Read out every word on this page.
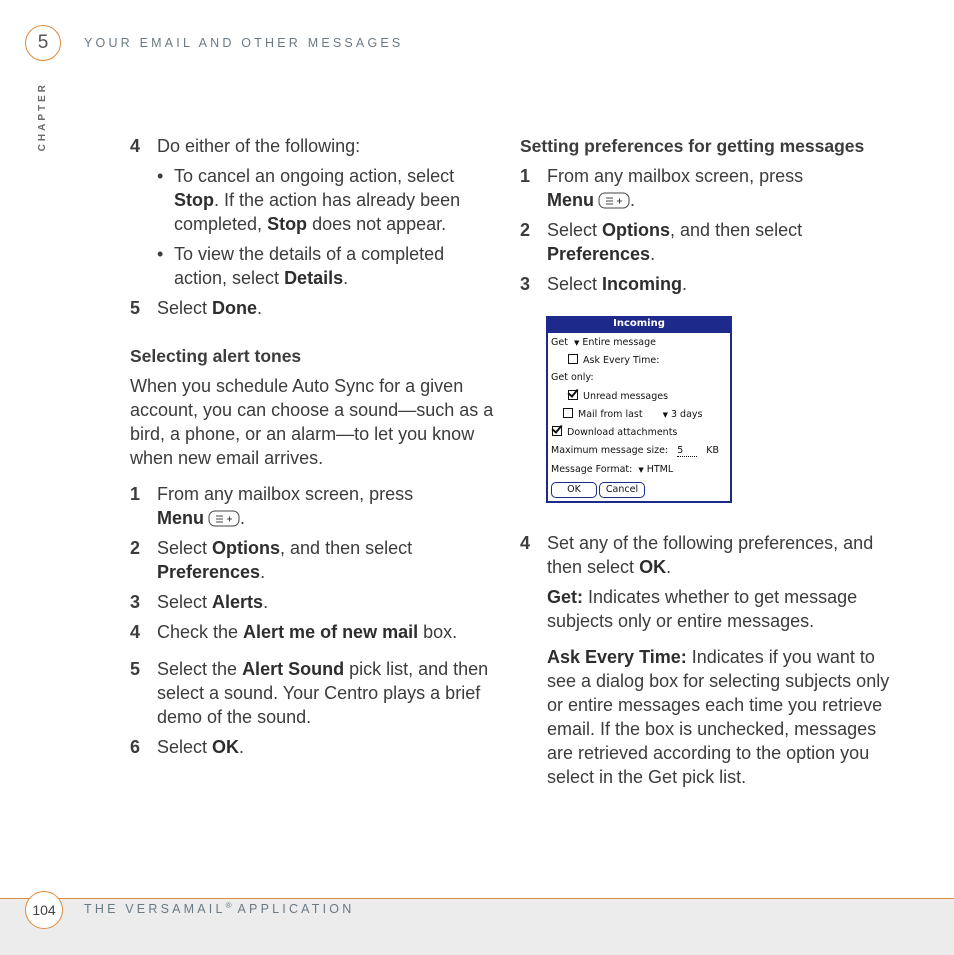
5	YOUR EMAIL AND OTHER MESSAGES
CHAPTER	4 Do either of the following:
• To cancel an ongoing action, select Stop. If the action has already been completed, Stop does not appear.
• To view the details of a completed action, select Details.
5 Select Done.
Selecting alert tones
When you schedule Auto Sync for a given account, you can choose a sound—such as a bird, a phone, or an alarm—to let you know when new email arrives.
1 From any mailbox screen, press
Menu .
2 Select Options, and then select Preferences.
3 Select Alerts.
4 Check the Alert me of new mail box.
5 Select the Alert Sound pick list, and then select a sound. Your Centro plays a brief demo of the sound.
6 Select OK.
Setting preferences for getting messages
1 From any mailbox screen, press
Menu .
2 Select Options, and then select Preferences.
3 Select Incoming.
4 Set any of the following preferences, and then select OK.
Get: Indicates whether to get message subjects only or entire messages.
Ask Every Time: Indicates if you want to see a dialog box for selecting subjects only or entire messages each time you retrieve email. If the box is unchecked, messages are retrieved according to the option you select in the Get pick list.
Incoming
Get ▼ Entire message
Ask Every Time:
Get only:
Unread messages
Mail from last	▼ 3 days
Download attachments
Maximum message size: 5 KB
Message Format: ▼ HTML
OK	Cancel
104	THE VERSAMAIL® APPLICATION
